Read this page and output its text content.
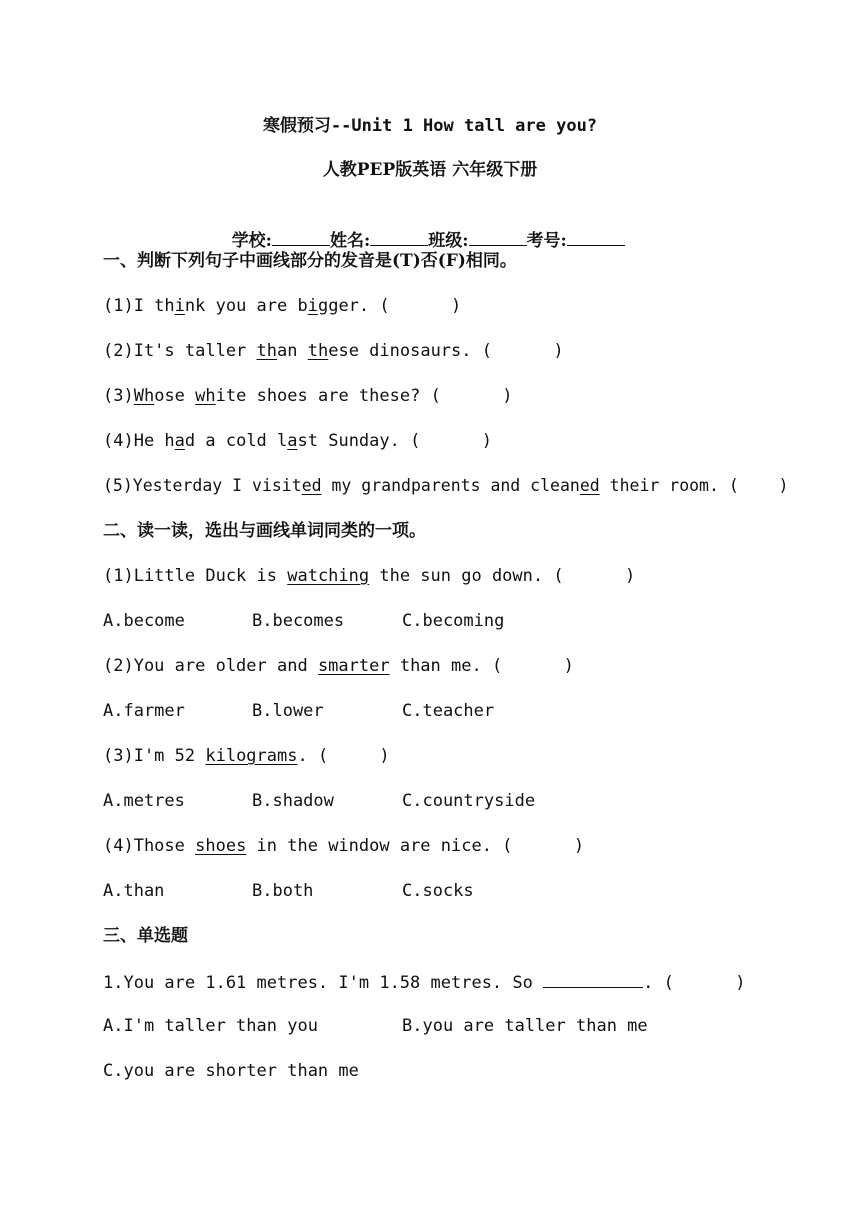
寒假预习--Unit 1 How tall are you?
人教PEP版英语 六年级下册

学校:	姓名:	班级:	考号:

一、判断下列句子中画线部分的发音是(T)否(F)相同。
(1)I think you are bigger. (      )
(2)It's taller than these dinosaurs. (      )
(3)Whose white shoes are these? (      )
(4)He had a cold last Sunday. (      )
(5)Yesterday I visited my grandparents and cleaned their room. (    )
二、读一读，选出与画线单词同类的一项。
(1)Little Duck is watching the sun go down. (      )
A.become	B.becomes	C.becoming
(2)You are older and smarter than me. (      )
A.farmer	B.lower	C.teacher
(3)I'm 52 kilograms. (     )
A.metres	B.shadow	C.countryside
(4)Those shoes in the window are nice. (      )
A.than	B.both	C.socks
三、单选题
1.You are 1.61 metres. I'm 1.58 metres. So	. (      )
A.I'm taller than you	B.you are taller than me
C.you are shorter than me
